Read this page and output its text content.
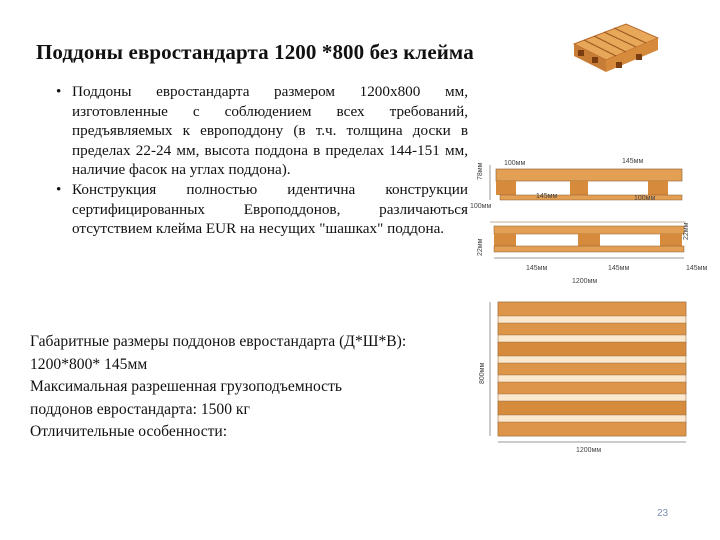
Поддоны евростандарта 1200 *800 без клейма
• Поддоны евростандарта размером 1200х800 мм, изготовленные с соблюдением всех требований, предъявляемых к европоддону (в т.ч. толщина доски в пределах 22-24 мм, высота поддона в пределах 144-151 мм, наличие фасок на углах поддона).
• Конструкция полностью идентична конструкции сертифицированных Европоддонов, различаються отсутствием клейма EUR на несущих "шашках" поддона.
Габаритные размеры поддонов евростандарта (Д*Ш*В):
1200*800* 145мм
Максимальная разрешенная грузоподъемность
поддонов евростандарта: 1500 кг
Отличительные особенности:
78мм	100мм	145мм
145мм	100мм
100мм
22мм
22мм
145мм	145мм	145мм
1200мм
800мм
1200мм
23
